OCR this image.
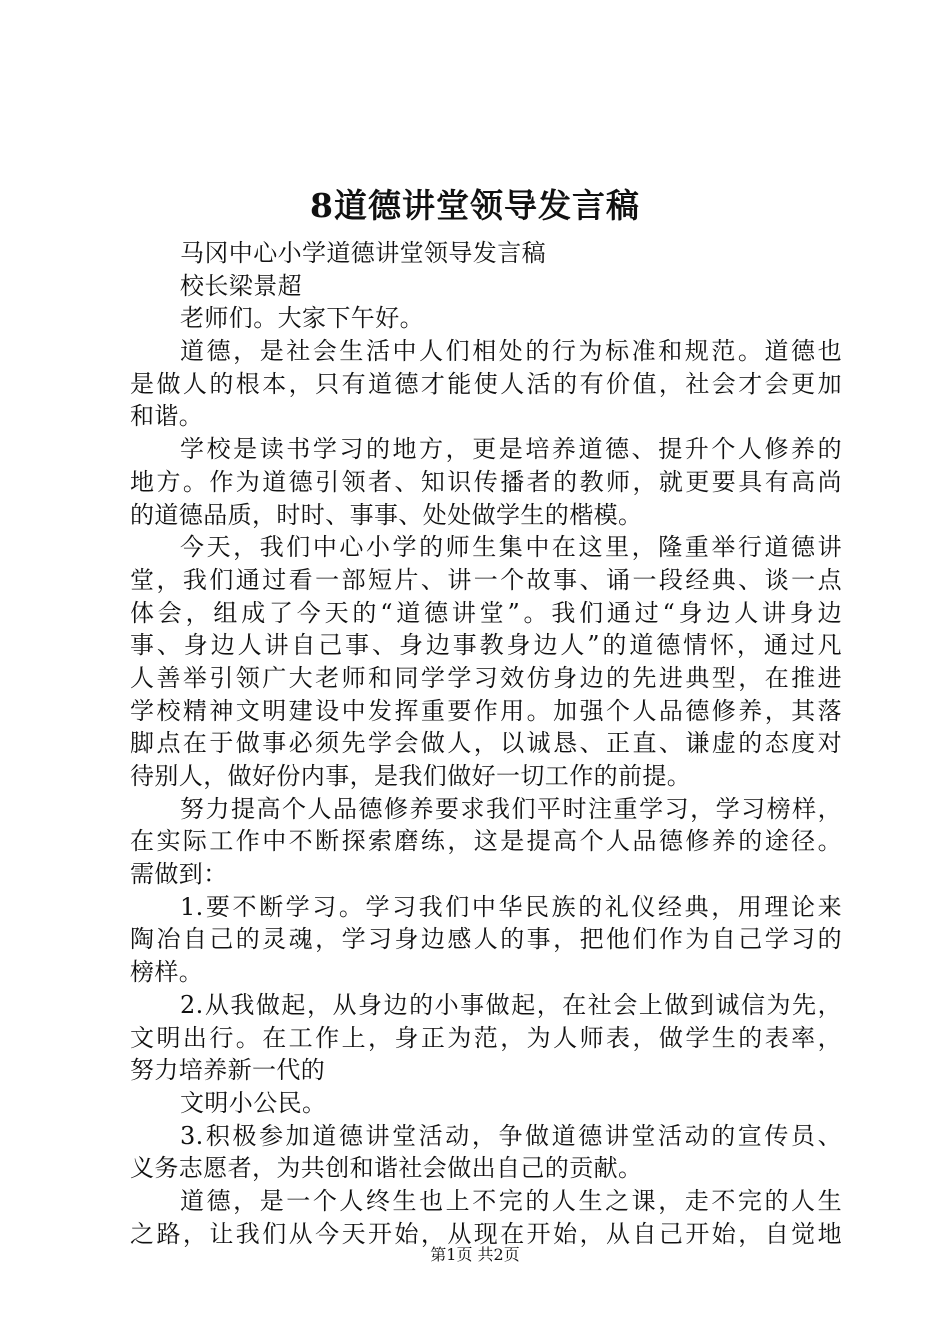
8道德讲堂领导发言稿
马冈中心小学道德讲堂领导发言稿
校长梁景超
老师们。大家下午好。
道德，是社会生活中人们相处的行为标准和规范。道德也
是做人的根本，只有道德才能使人活的有价值，社会才会更加
和谐。
学校是读书学习的地方，更是培养道德、提升个人修养的
地方。作为道德引领者、知识传播者的教师，就更要具有高尚
的道德品质，时时、事事、处处做学生的楷模。
今天，我们中心小学的师生集中在这里，隆重举行道德讲
堂，我们通过看一部短片、讲一个故事、诵一段经典、谈一点
体会，组成了今天的“道德讲堂”。我们通过“身边人讲身边
事、身边人讲自己事、身边事教身边人”的道德情怀，通过凡
人善举引领广大老师和同学学习效仿身边的先进典型，在推进
学校精神文明建设中发挥重要作用。加强个人品德修养，其落
脚点在于做事必须先学会做人，以诚恳、正直、谦虚的态度对
待别人，做好份内事，是我们做好一切工作的前提。
努力提高个人品德修养要求我们平时注重学习，学习榜样，
在实际工作中不断探索磨练，这是提高个人品德修养的途径。
需做到：
1.要不断学习。学习我们中华民族的礼仪经典，用理论来
陶冶自己的灵魂，学习身边感人的事，把他们作为自己学习的
榜样。
2.从我做起，从身边的小事做起，在社会上做到诚信为先，
文明出行。在工作上，身正为范，为人师表，做学生的表率，
努力培养新一代的
文明小公民。
3.积极参加道德讲堂活动，争做道德讲堂活动的宣传员、
义务志愿者，为共创和谐社会做出自己的贡献。
道德，是一个人终生也上不完的人生之课，走不完的人生
之路，让我们从今天开始，从现在开始，从自己开始，自觉地
第1页 共2页
